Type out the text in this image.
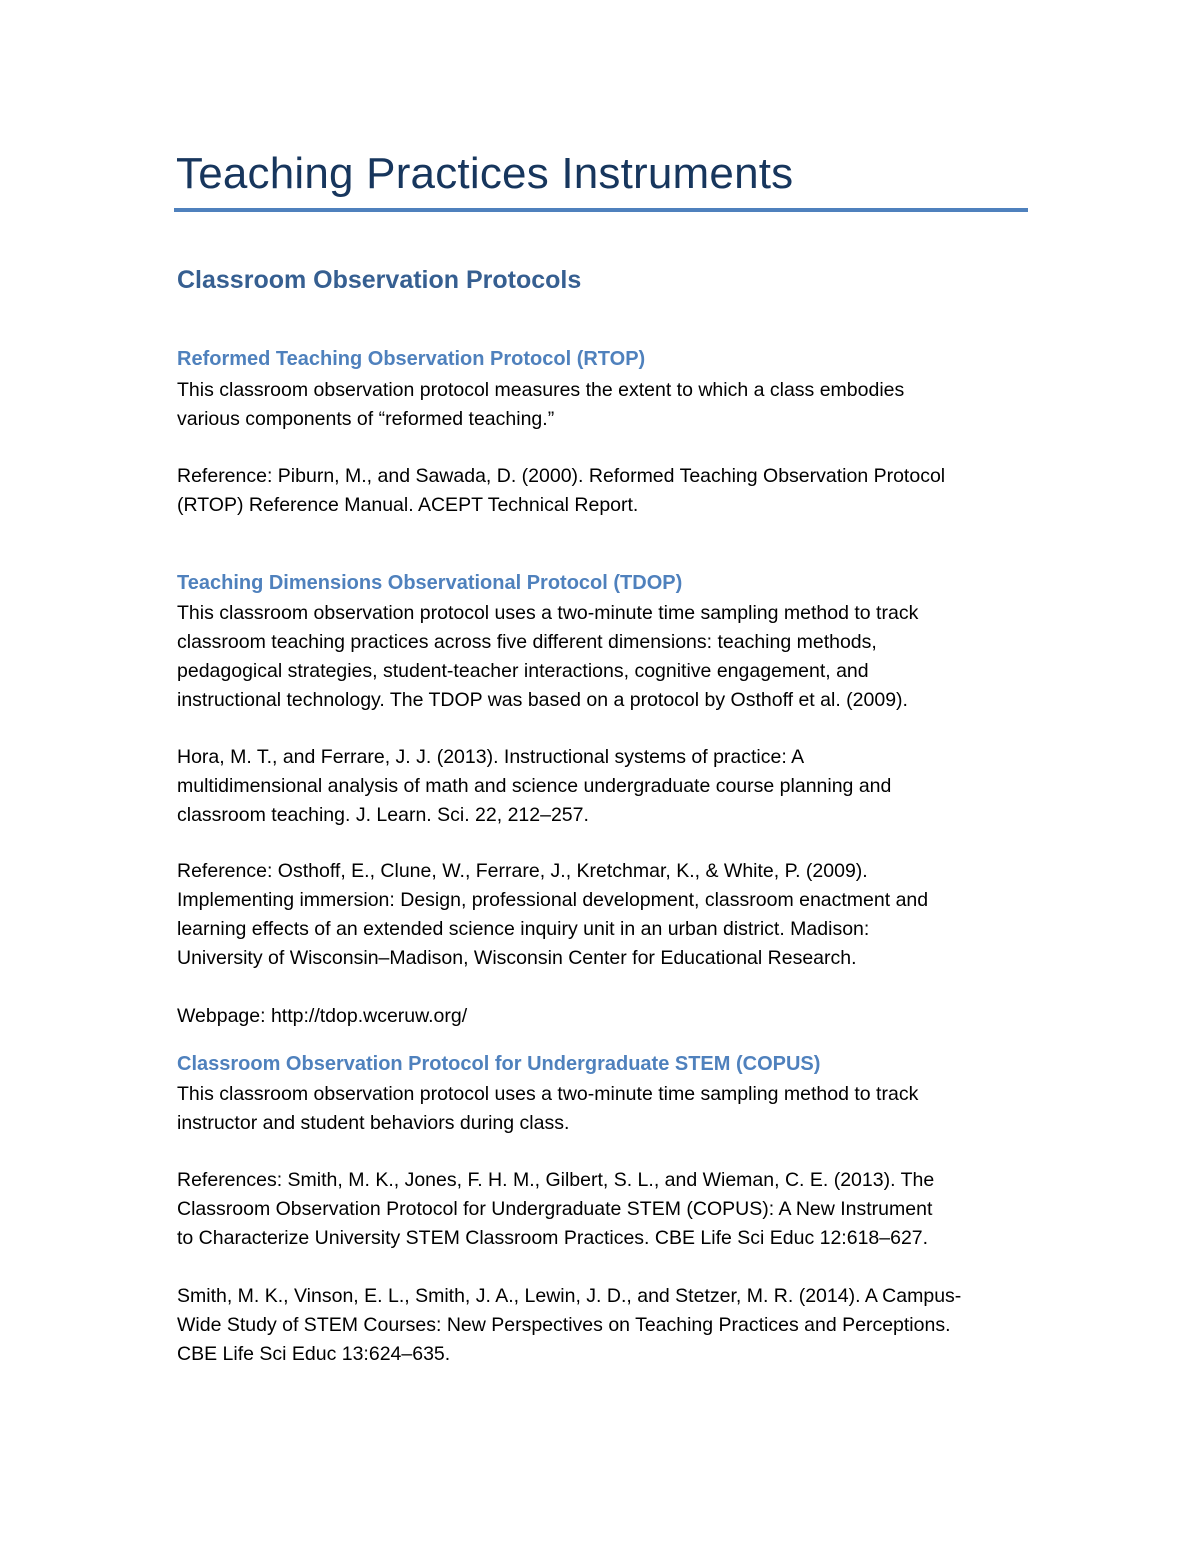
Teaching Practices Instruments
Classroom Observation Protocols
Reformed Teaching Observation Protocol (RTOP)
This classroom observation protocol measures the extent to which a class embodies
various components of “reformed teaching.”
Reference: Piburn, M., and Sawada, D. (2000). Reformed Teaching Observation Protocol
(RTOP) Reference Manual. ACEPT Technical Report.
Teaching Dimensions Observational Protocol (TDOP)
This classroom observation protocol uses a two-minute time sampling method to track
classroom teaching practices across five different dimensions: teaching methods,
pedagogical strategies, student-teacher interactions, cognitive engagement, and
instructional technology. The TDOP was based on a protocol by Osthoff et al. (2009).
Hora, M. T., and Ferrare, J. J. (2013). Instructional systems of practice: A
multidimensional analysis of math and science undergraduate course planning and
classroom teaching. J. Learn. Sci. 22, 212–257.
Reference: Osthoff, E., Clune, W., Ferrare, J., Kretchmar, K., & White, P. (2009).
Implementing immersion: Design, professional development, classroom enactment and
learning effects of an extended science inquiry unit in an urban district. Madison:
University of Wisconsin–Madison, Wisconsin Center for Educational Research.
Webpage: http://tdop.wceruw.org/
Classroom Observation Protocol for Undergraduate STEM (COPUS)
This classroom observation protocol uses a two-minute time sampling method to track
instructor and student behaviors during class.
References: Smith, M. K., Jones, F. H. M., Gilbert, S. L., and Wieman, C. E. (2013). The
Classroom Observation Protocol for Undergraduate STEM (COPUS): A New Instrument
to Characterize University STEM Classroom Practices. CBE Life Sci Educ 12:618–627.
Smith, M. K., Vinson, E. L., Smith, J. A., Lewin, J. D., and Stetzer, M. R. (2014). A Campus-
Wide Study of STEM Courses: New Perspectives on Teaching Practices and Perceptions.
CBE Life Sci Educ 13:624–635.
